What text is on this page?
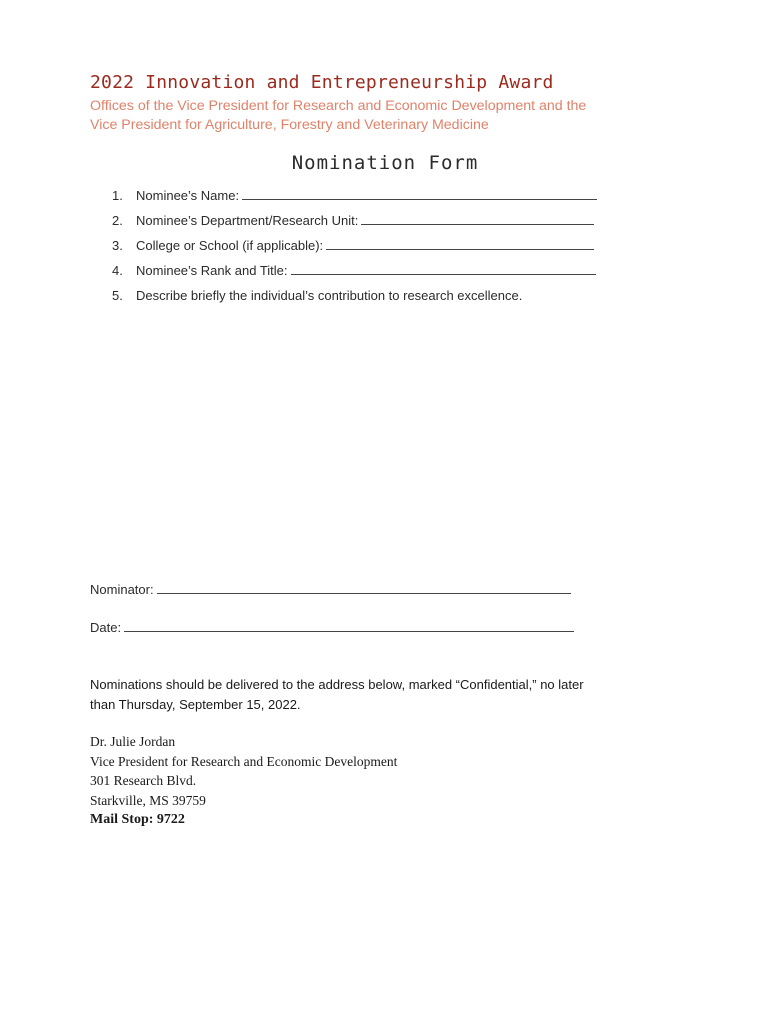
2022 Innovation and Entrepreneurship Award
Offices of the Vice President for Research and Economic Development and the
Vice President for Agriculture, Forestry and Veterinary Medicine
Nomination Form
1. Nominee’s Name:
2. Nominee’s Department/Research Unit:
3. College or School (if applicable):
4. Nominee’s Rank and Title:
5. Describe briefly the individual’s contribution to research excellence.
Nominator:
Date:
Nominations should be delivered to the address below, marked “Confidential,” no later
than Thursday, September 15, 2022.
Dr. Julie Jordan
Vice President for Research and Economic Development
301 Research Blvd.
Starkville, MS 39759
Mail Stop: 9722
